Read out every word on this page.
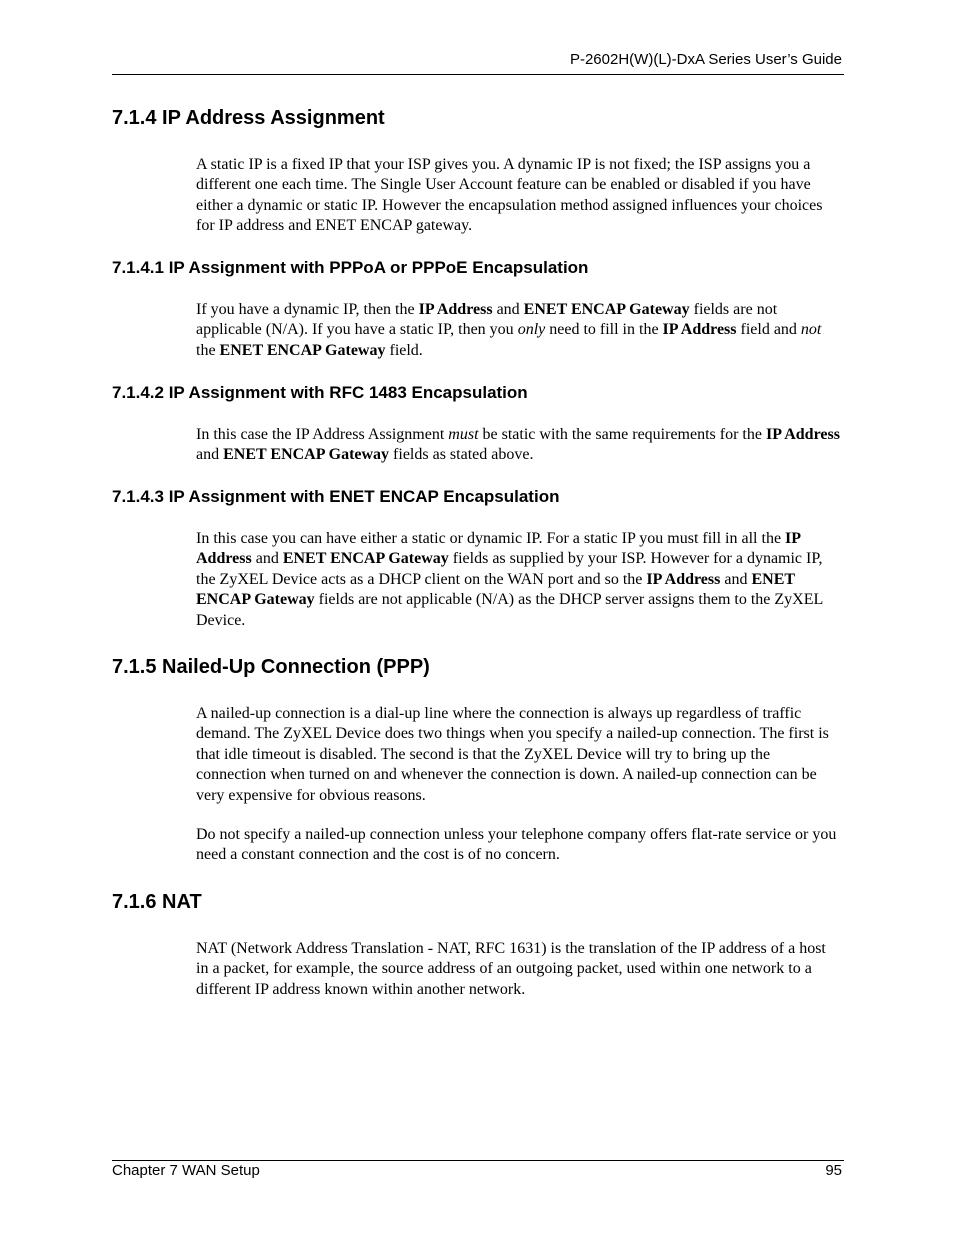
P-2602H(W)(L)-DxA Series User’s Guide
7.1.4 IP Address Assignment

A static IP is a fixed IP that your ISP gives you. A dynamic IP is not fixed; the ISP assigns you a different one each time. The Single User Account feature can be enabled or disabled if you have either a dynamic or static IP. However the encapsulation method assigned influences your choices for IP address and ENET ENCAP gateway.

7.1.4.1 IP Assignment with PPPoA or PPPoE Encapsulation

If you have a dynamic IP, then the IP Address and ENET ENCAP Gateway fields are not applicable (N/A). If you have a static IP, then you only need to fill in the IP Address field and not the ENET ENCAP Gateway field.

7.1.4.2 IP Assignment with RFC 1483 Encapsulation

In this case the IP Address Assignment must be static with the same requirements for the IP Address and ENET ENCAP Gateway fields as stated above.

7.1.4.3 IP Assignment with ENET ENCAP Encapsulation

In this case you can have either a static or dynamic IP. For a static IP you must fill in all the IP Address and ENET ENCAP Gateway fields as supplied by your ISP. However for a dynamic IP, the ZyXEL Device acts as a DHCP client on the WAN port and so the IP Address and ENET ENCAP Gateway fields are not applicable (N/A) as the DHCP server assigns them to the ZyXEL Device.

7.1.5 Nailed-Up Connection (PPP)

A nailed-up connection is a dial-up line where the connection is always up regardless of traffic demand. The ZyXEL Device does two things when you specify a nailed-up connection. The first is that idle timeout is disabled. The second is that the ZyXEL Device will try to bring up the connection when turned on and whenever the connection is down. A nailed-up connection can be very expensive for obvious reasons.

Do not specify a nailed-up connection unless your telephone company offers flat-rate service or you need a constant connection and the cost is of no concern.

7.1.6 NAT

NAT (Network Address Translation - NAT, RFC 1631) is the translation of the IP address of a host in a packet, for example, the source address of an outgoing packet, used within one network to a different IP address known within another network.

Chapter 7 WAN Setup	95
